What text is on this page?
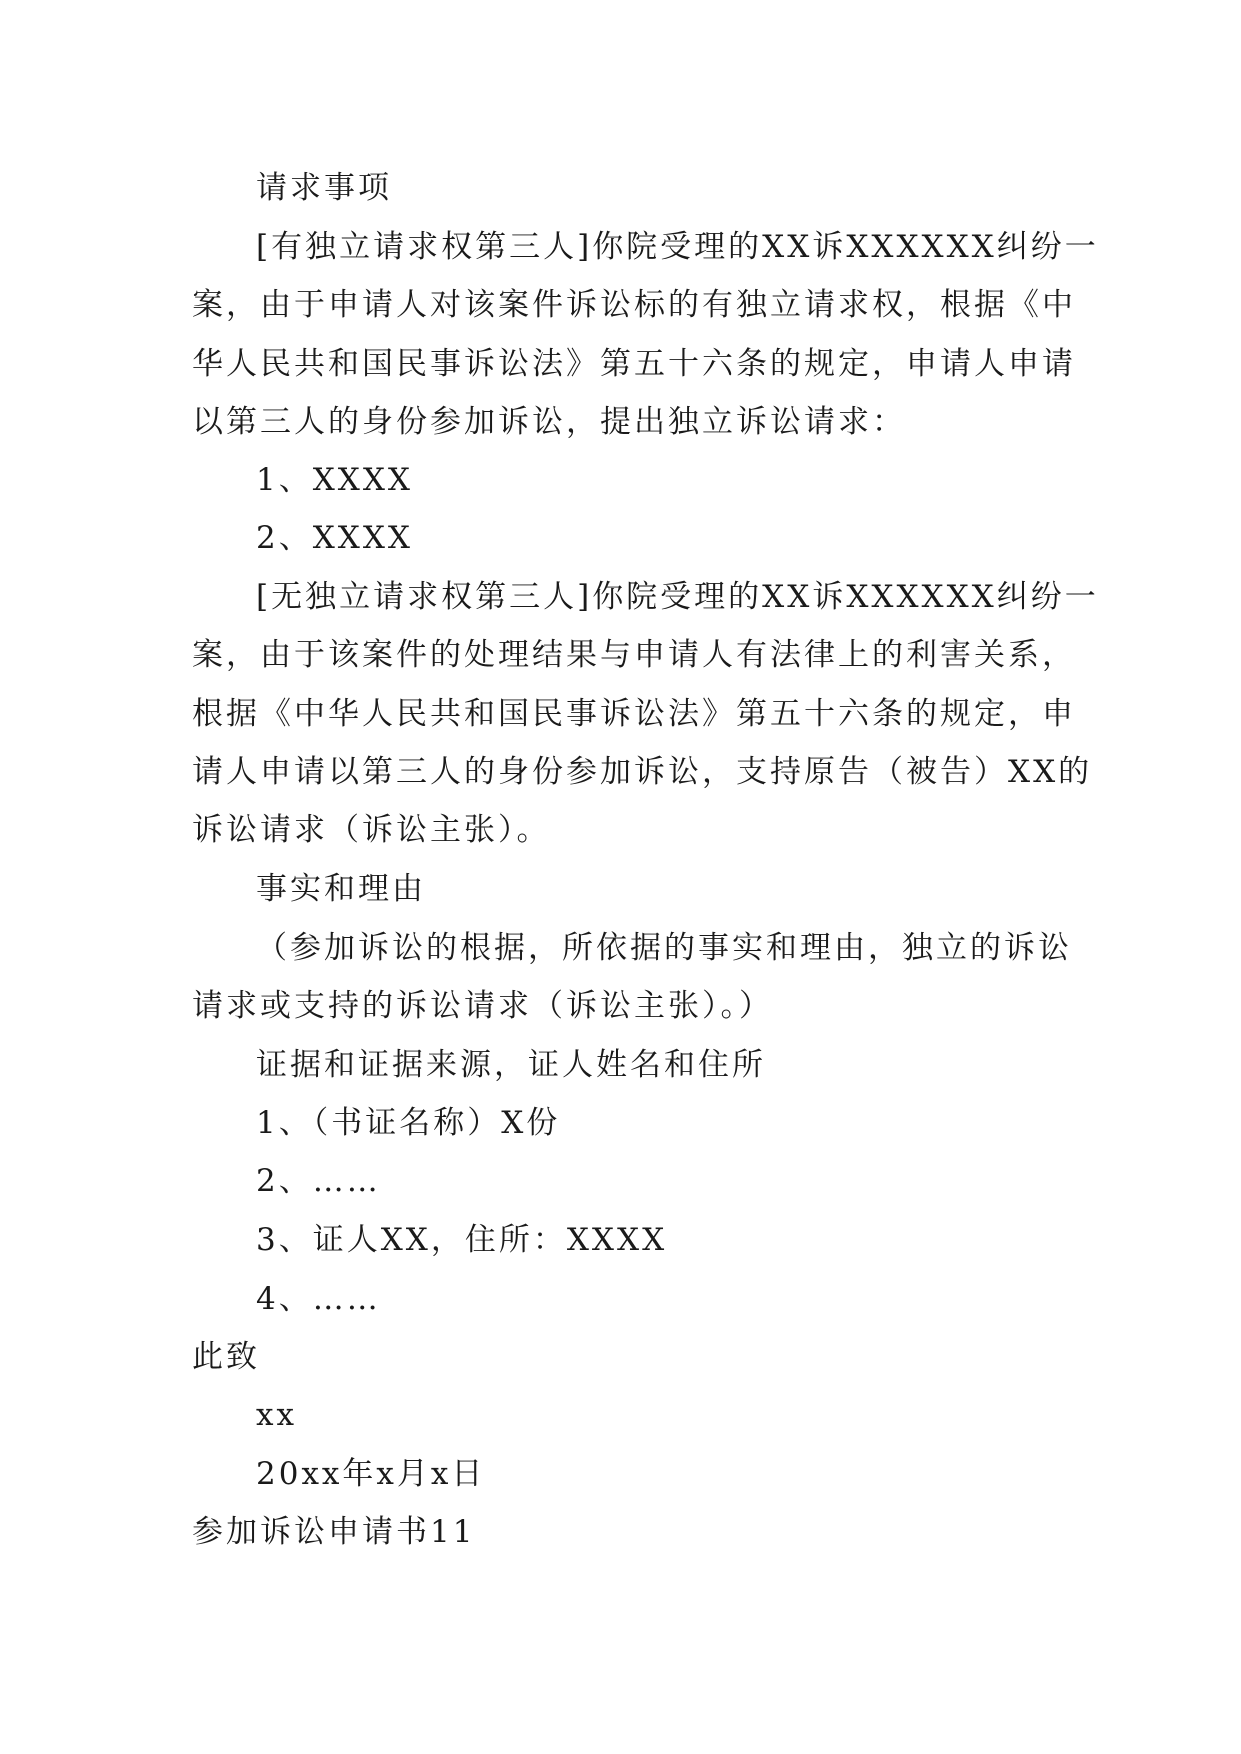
请求事项
[有独立请求权第三人]你院受理的XX诉XXXXXX纠纷一
案，由于申请人对该案件诉讼标的有独立请求权，根据《中
华人民共和国民事诉讼法》第五十六条的规定，申请人申请
以第三人的身份参加诉讼，提出独立诉讼请求：
1、XXXX
2、XXXX
[无独立请求权第三人]你院受理的XX诉XXXXXX纠纷一
案，由于该案件的处理结果与申请人有法律上的利害关系，
根据《中华人民共和国民事诉讼法》第五十六条的规定，申
请人申请以第三人的身份参加诉讼，支持原告（被告）XX的
诉讼请求（诉讼主张）。
事实和理由
（参加诉讼的根据，所依据的事实和理由，独立的诉讼
请求或支持的诉讼请求（诉讼主张）。）
证据和证据来源，证人姓名和住所
1、（书证名称）X份
2、……
3、证人XX，住所：XXXX
4、……
此致
xx
20xx年x月x日
参加诉讼申请书11
